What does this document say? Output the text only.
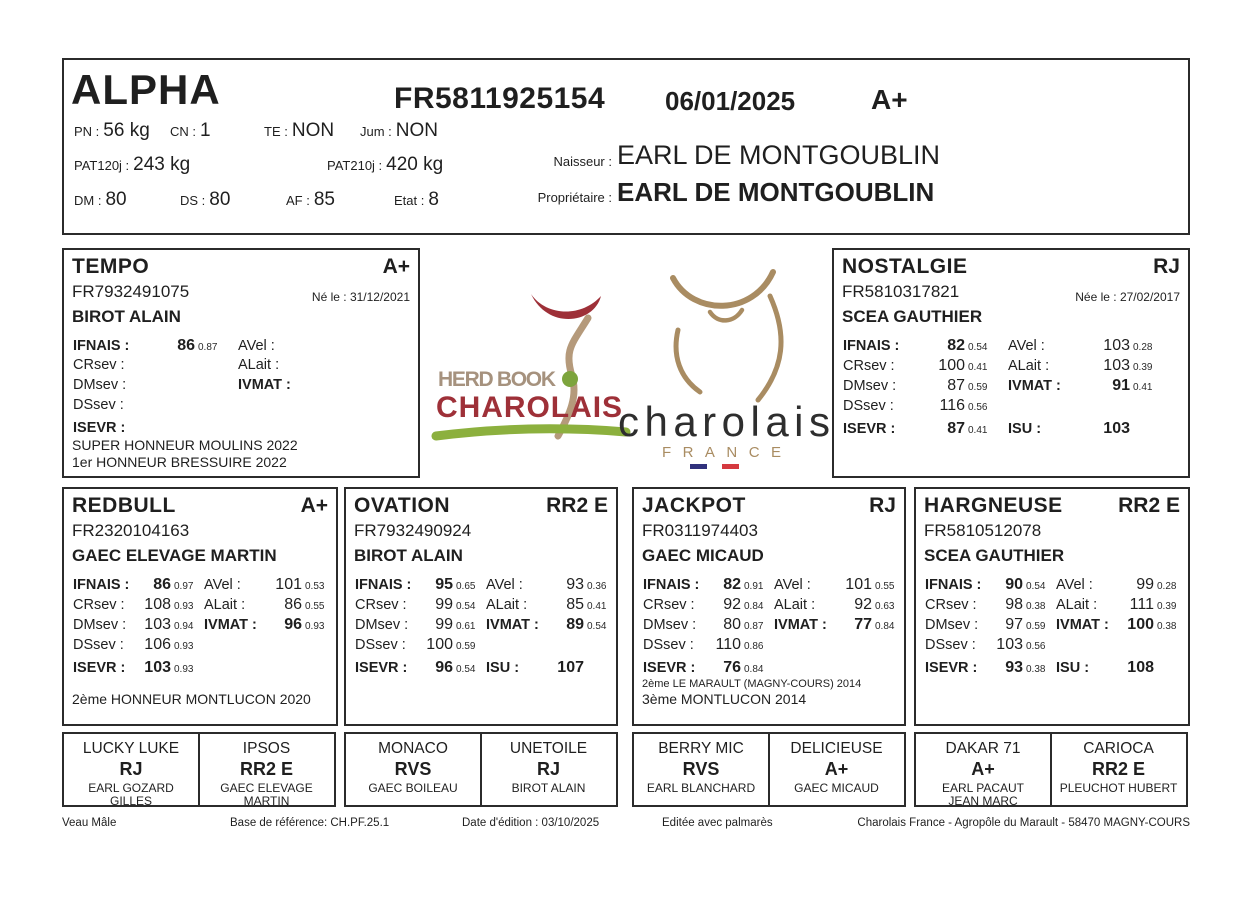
ALPHA	FR5811925154 06/01/2025	A+
PN : 56 kg CN : 1	TE : NON Jum : NON
PAT120j : 243 kg	PAT210j : 420 kg
DM : 80	DS : 80	AF : 85	Etat : 8
Naisseur : EARL DE MONTGOUBLIN
Propriétaire : EARL DE MONTGOUBLIN
TEMPO	A+
FR7932491075	Né le : 31/12/2021
BIROT ALAIN
IFNAIS :	86 0.87	AVel :
CRsev :	ALait :
DMsev :	IVMAT :
DSsev :
ISEVR :
SUPER HONNEUR MOULINS 2022
1er HONNEUR BRESSUIRE 2022
HERD BOOK
CHAROLAIS
charolais
FRANCE
NOSTALGIE	RJ
FR5810317821	Née le : 27/02/2017
SCEA GAUTHIER
IFNAIS :	82 0.54	AVel :	103 0.28
CRsev :	100 0.41	ALait :	103 0.39
DMsev :	87 0.59	IVMAT :	91 0.41
DSsev :	116 0.56
ISEVR :	87 0.41	ISU :	103
REDBULL	A+
FR2320104163
GAEC ELEVAGE MARTIN
IFNAIS :	86 0.97 AVel :	101 0.53
CRsev :	108 0.93 ALait :	86 0.55
DMsev :	103 0.94 IVMAT :	96 0.93
DSsev :	106 0.93
ISEVR :	103 0.93
2ème HONNEUR MONTLUCON 2020
OVATION	RR2 E
FR7932490924
BIROT ALAIN
IFNAIS :	95 0.65 AVel :	93 0.36
CRsev :	99 0.54 ALait :	85 0.41
DMsev :	99 0.61 IVMAT :	89 0.54
DSsev :	100 0.59
ISEVR :	96 0.54 ISU :	107
JACKPOT	RJ
FR0311974403
GAEC MICAUD
IFNAIS :	82 0.91 AVel :	101 0.55
CRsev :	92 0.84 ALait :	92 0.63
DMsev :	80 0.87 IVMAT :	77 0.84
DSsev :	110 0.86
ISEVR :	76 0.84
2ème LE MARAULT (MAGNY-COURS) 2014
3ème MONTLUCON 2014
HARGNEUSE	RR2 E
FR5810512078
SCEA GAUTHIER
IFNAIS :	90 0.54 AVel :	99 0.28
CRsev :	98 0.38 ALait :	111 0.39
DMsev :	97 0.59 IVMAT :	100 0.38
DSsev :	103 0.56
ISEVR :	93 0.38 ISU :	108
LUCKY LUKE
RJ
EARL GOZARD
GILLES
IPSOS
RR2 E
GAEC ELEVAGE
MARTIN
MONACO
RVS
GAEC BOILEAU
UNETOILE
RJ
BIROT ALAIN
BERRY MIC
RVS
EARL BLANCHARD
DELICIEUSE
A+
GAEC MICAUD
DAKAR 71
A+
EARL PACAUT
JEAN MARC
CARIOCA
RR2 E
PLEUCHOT HUBERT
Veau Mâle	Base de référence: CH.PF.25.1	Date d'édition : 03/10/2025	Editée avec palmarès	Charolais France - Agropôle du Marault - 58470 MAGNY-COURS
